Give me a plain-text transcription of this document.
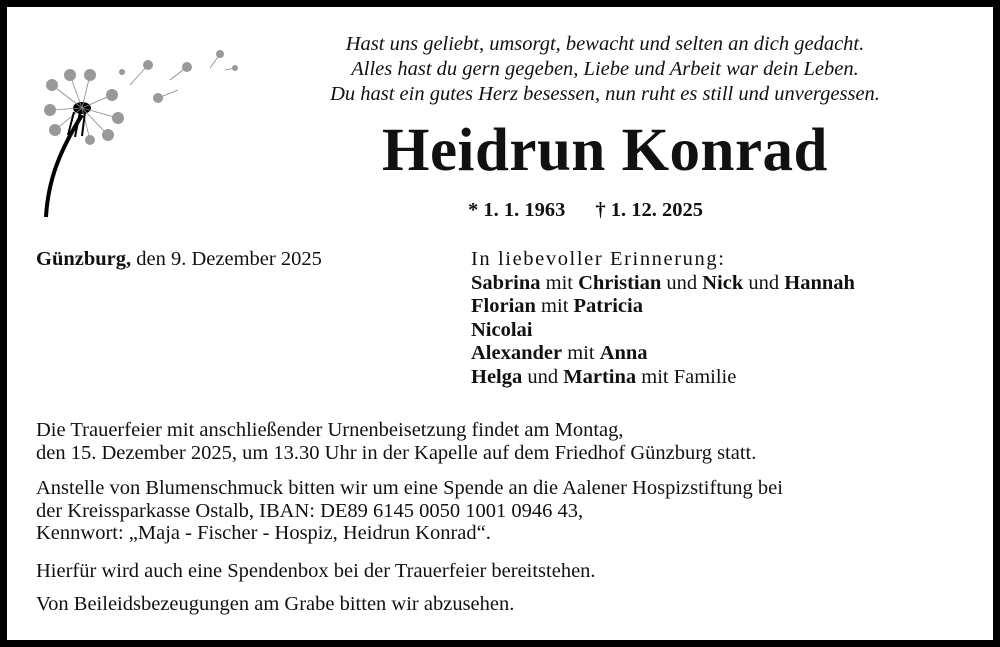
Hast uns geliebt, umsorgt, bewacht und selten an dich gedacht.
Alles hast du gern gegeben, Liebe und Arbeit war dein Leben.
Du hast ein gutes Herz besessen, nun ruht es still und unvergessen.
Heidrun Konrad
* 1. 1. 1963 † 1. 12. 2025
Günzburg, den 9. Dezember 2025	In liebevoller Erinnerung:
Sabrina mit Christian und Nick und Hannah
Florian mit Patricia
Nicolai
Alexander mit Anna
Helga und Martina mit Familie
Die Trauerfeier mit anschließender Urnenbeisetzung findet am Montag,
den 15. Dezember 2025, um 13.30 Uhr in der Kapelle auf dem Friedhof Günzburg statt.
Anstelle von Blumenschmuck bitten wir um eine Spende an die Aalener Hospizstiftung bei
der Kreissparkasse Ostalb, IBAN: DE89 6145 0050 1001 0946 43,
Kennwort: „Maja - Fischer - Hospiz, Heidrun Konrad“.
Hierfür wird auch eine Spendenbox bei der Trauerfeier bereitstehen.
Von Beileidsbezeugungen am Grabe bitten wir abzusehen.
